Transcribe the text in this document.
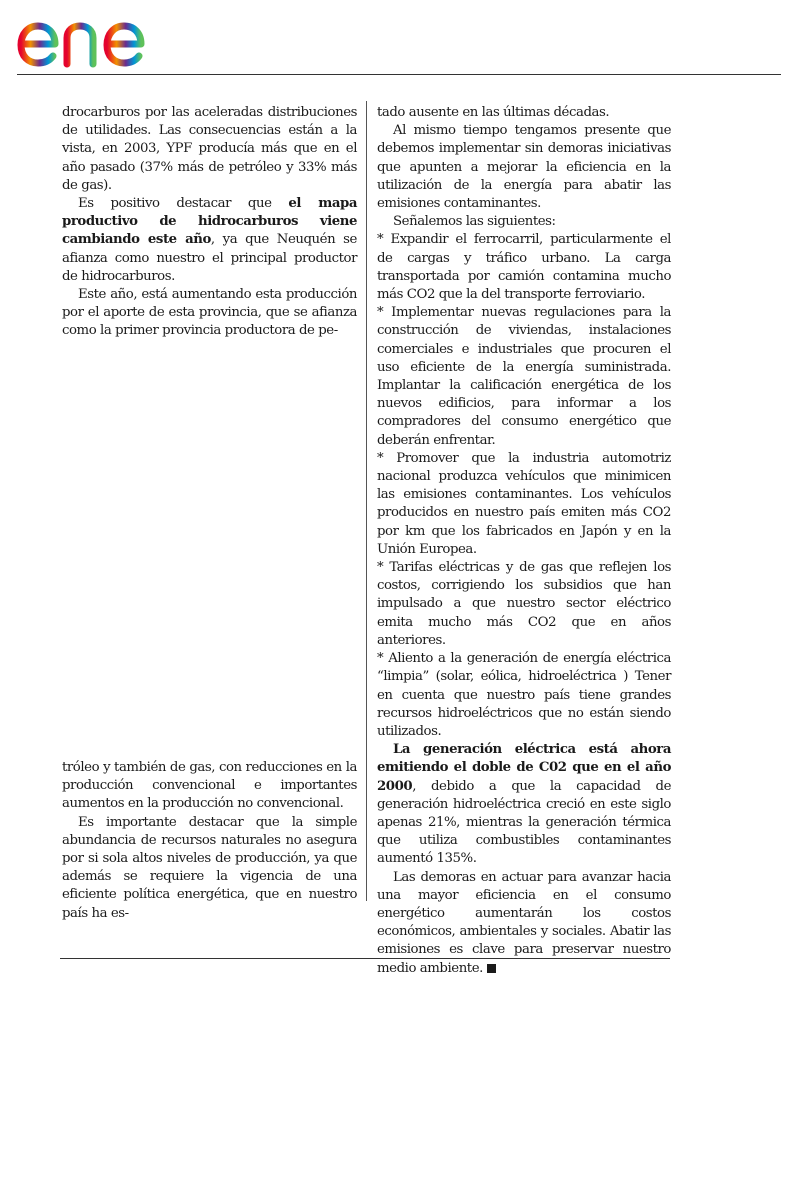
drocarburos por las aceleradas distribuciones de utilidades. Las consecuencias están a la vista, en 2003, YPF producía más que en el año pasado (37% más de petróleo y 33% más de gas).

Es positivo destacar que el mapa productivo de hidrocarburos viene cambiando este año, ya que Neuquén se afianza como nuestro el principal productor de hidrocarburos.

Este año, está aumentando esta producción por el aporte de esta provincia, que se afianza como la primer provincia productora de pe-

tróleo y también de gas, con reducciones en la producción convencional e importantes aumentos en la producción no convencional.

Es importante destacar que la simple abundancia de recursos naturales no asegura por si sola altos niveles de producción, ya que además se requiere la vigencia de una eficiente política energética, que en nuestro país ha es-

tado ausente en las últimas décadas.

Al mismo tiempo tengamos presente que debemos implementar sin demoras iniciativas que apunten a mejorar la eficiencia en la utilización de la energía para abatir las emisiones contaminantes.

Señalemos las siguientes:

* Expandir el ferrocarril, particularmente el de cargas y tráfico urbano. La carga transportada por camión contamina mucho más CO2 que la del transporte ferroviario.

* Implementar nuevas regulaciones para la construcción de viviendas, instalaciones comerciales e industriales que procuren el uso eficiente de la energía suministrada. Implantar la calificación energética de los nuevos edificios, para informar a los compradores del consumo energético que deberán enfrentar.

* Promover que la industria automotriz nacional produzca vehículos que minimicen las emisiones contaminantes. Los vehículos producidos en nuestro país emiten más CO2 por km que los fabricados en Japón y en la Unión Europea.

* Tarifas eléctricas y de gas que reflejen los costos, corrigiendo los subsidios que han impulsado a que nuestro sector eléctrico emita mucho más CO2 que en años anteriores.

* Aliento a la generación de energía eléctrica “limpia” (solar, eólica, hidroeléctrica ) Tener en cuenta que nuestro país tiene grandes recursos hidroeléctricos que no están siendo utilizados.

La generación eléctrica está ahora emitiendo el doble de C02 que en el año 2000, debido a que la capacidad de generación hidroeléctrica creció en este siglo apenas 21%, mientras la generación térmica que utiliza combustibles contaminantes aumentó 135%.

Las demoras en actuar para avanzar hacia una mayor eficiencia en el consumo energético aumentarán los costos económicos, ambientales y sociales. Abatir las emisiones es clave para preservar nuestro medio ambiente.
